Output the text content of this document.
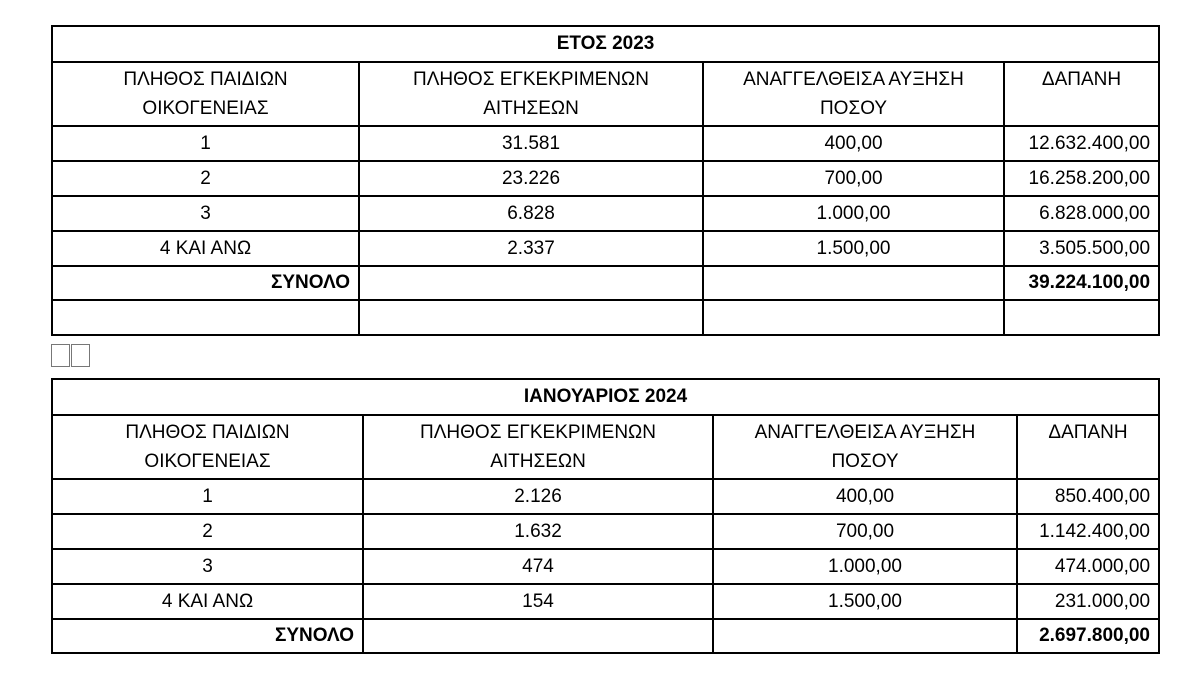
ΕΤΟΣ 2023			
ΠΛΗΘΟΣ ΠΑΙΔΙΩΝ ΟΙΚΟΓΕΝΕΙΑΣ	ΠΛΗΘΟΣ ΕΓΚΕΚΡΙΜΕΝΩΝ ΑΙΤΗΣΕΩΝ	ΑΝΑΓΓΕΛΘΕΙΣΑ ΑΥΞΗΣΗ ΠΟΣΟΥ	ΔΑΠΑΝΗ
1	31.581	400,00	12.632.400,00
2	23.226	700,00	16.258.200,00
3	6.828	1.000,00	6.828.000,00
4 ΚΑΙ ΑΝΩ	2.337	1.500,00	3.505.500,00
ΣΥΝΟΛΟ			39.224.100,00

ΙΑΝΟΥΑΡΙΟΣ 2024			
ΠΛΗΘΟΣ ΠΑΙΔΙΩΝ ΟΙΚΟΓΕΝΕΙΑΣ	ΠΛΗΘΟΣ ΕΓΚΕΚΡΙΜΕΝΩΝ ΑΙΤΗΣΕΩΝ	ΑΝΑΓΓΕΛΘΕΙΣΑ ΑΥΞΗΣΗ ΠΟΣΟΥ	ΔΑΠΑΝΗ
1	2.126	400,00	850.400,00
2	1.632	700,00	1.142.400,00
3	474	1.000,00	474.000,00
4 ΚΑΙ ΑΝΩ	154	1.500,00	231.000,00
ΣΥΝΟΛΟ			2.697.800,00
